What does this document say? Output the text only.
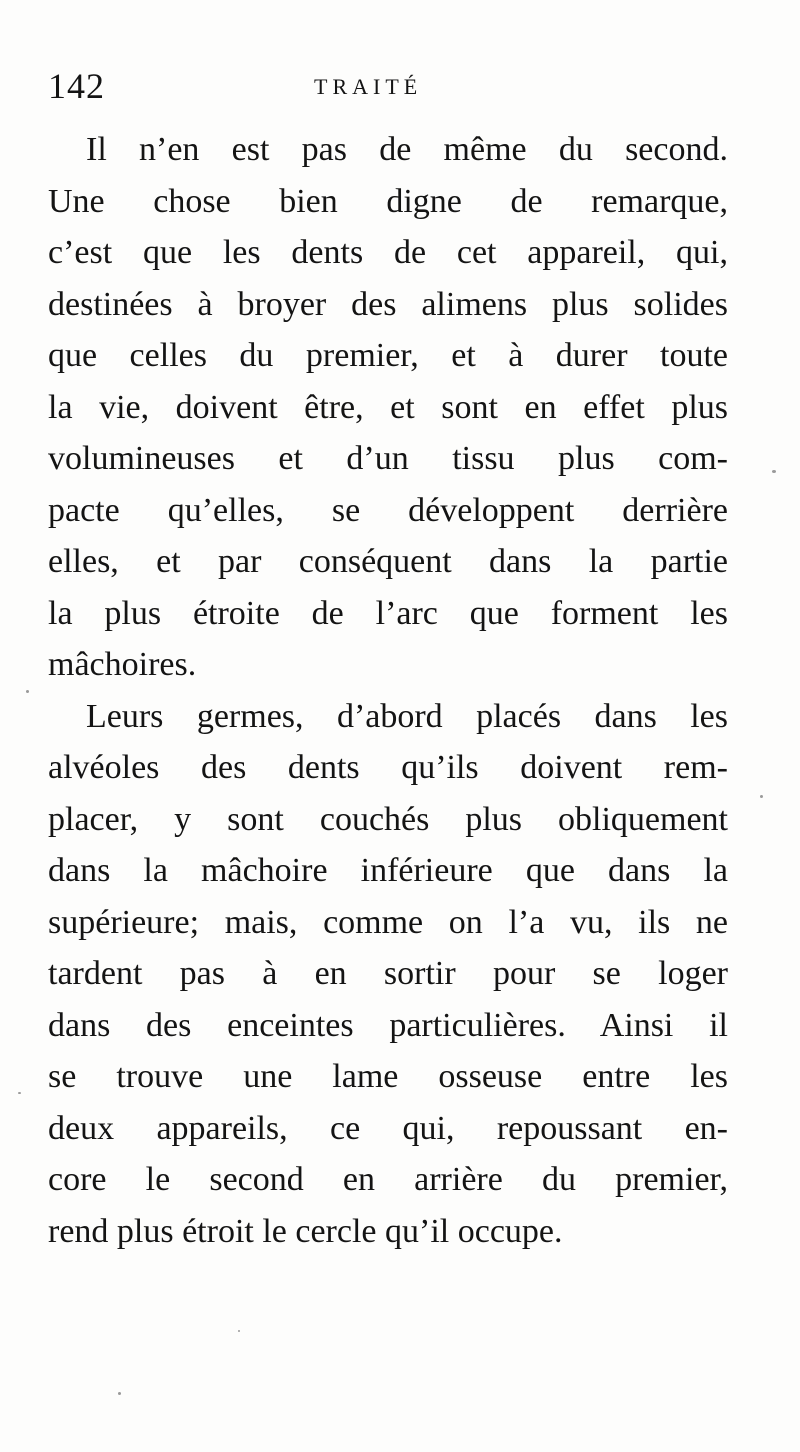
142	TRAITÉ
Il n’en est pas de même du second.
Une chose bien digne de remarque,
c’est que les dents de cet appareil, qui,
destinées à broyer des alimens plus solides
que celles du premier, et à durer toute
la vie, doivent être, et sont en effet plus
volumineuses et d’un tissu plus com-
pacte qu’elles, se développent derrière
elles, et par conséquent dans la partie
la plus étroite de l’arc que forment les
mâchoires.
Leurs germes, d’abord placés dans les
alvéoles des dents qu’ils doivent rem-
placer, y sont couchés plus obliquement
dans la mâchoire inférieure que dans la
supérieure; mais, comme on l’a vu, ils ne
tardent pas à en sortir pour se loger
dans des enceintes particulières. Ainsi il
se trouve une lame osseuse entre les
deux appareils, ce qui, repoussant en-
core le second en arrière du premier,
rend plus étroit le cercle qu’il occupe.
